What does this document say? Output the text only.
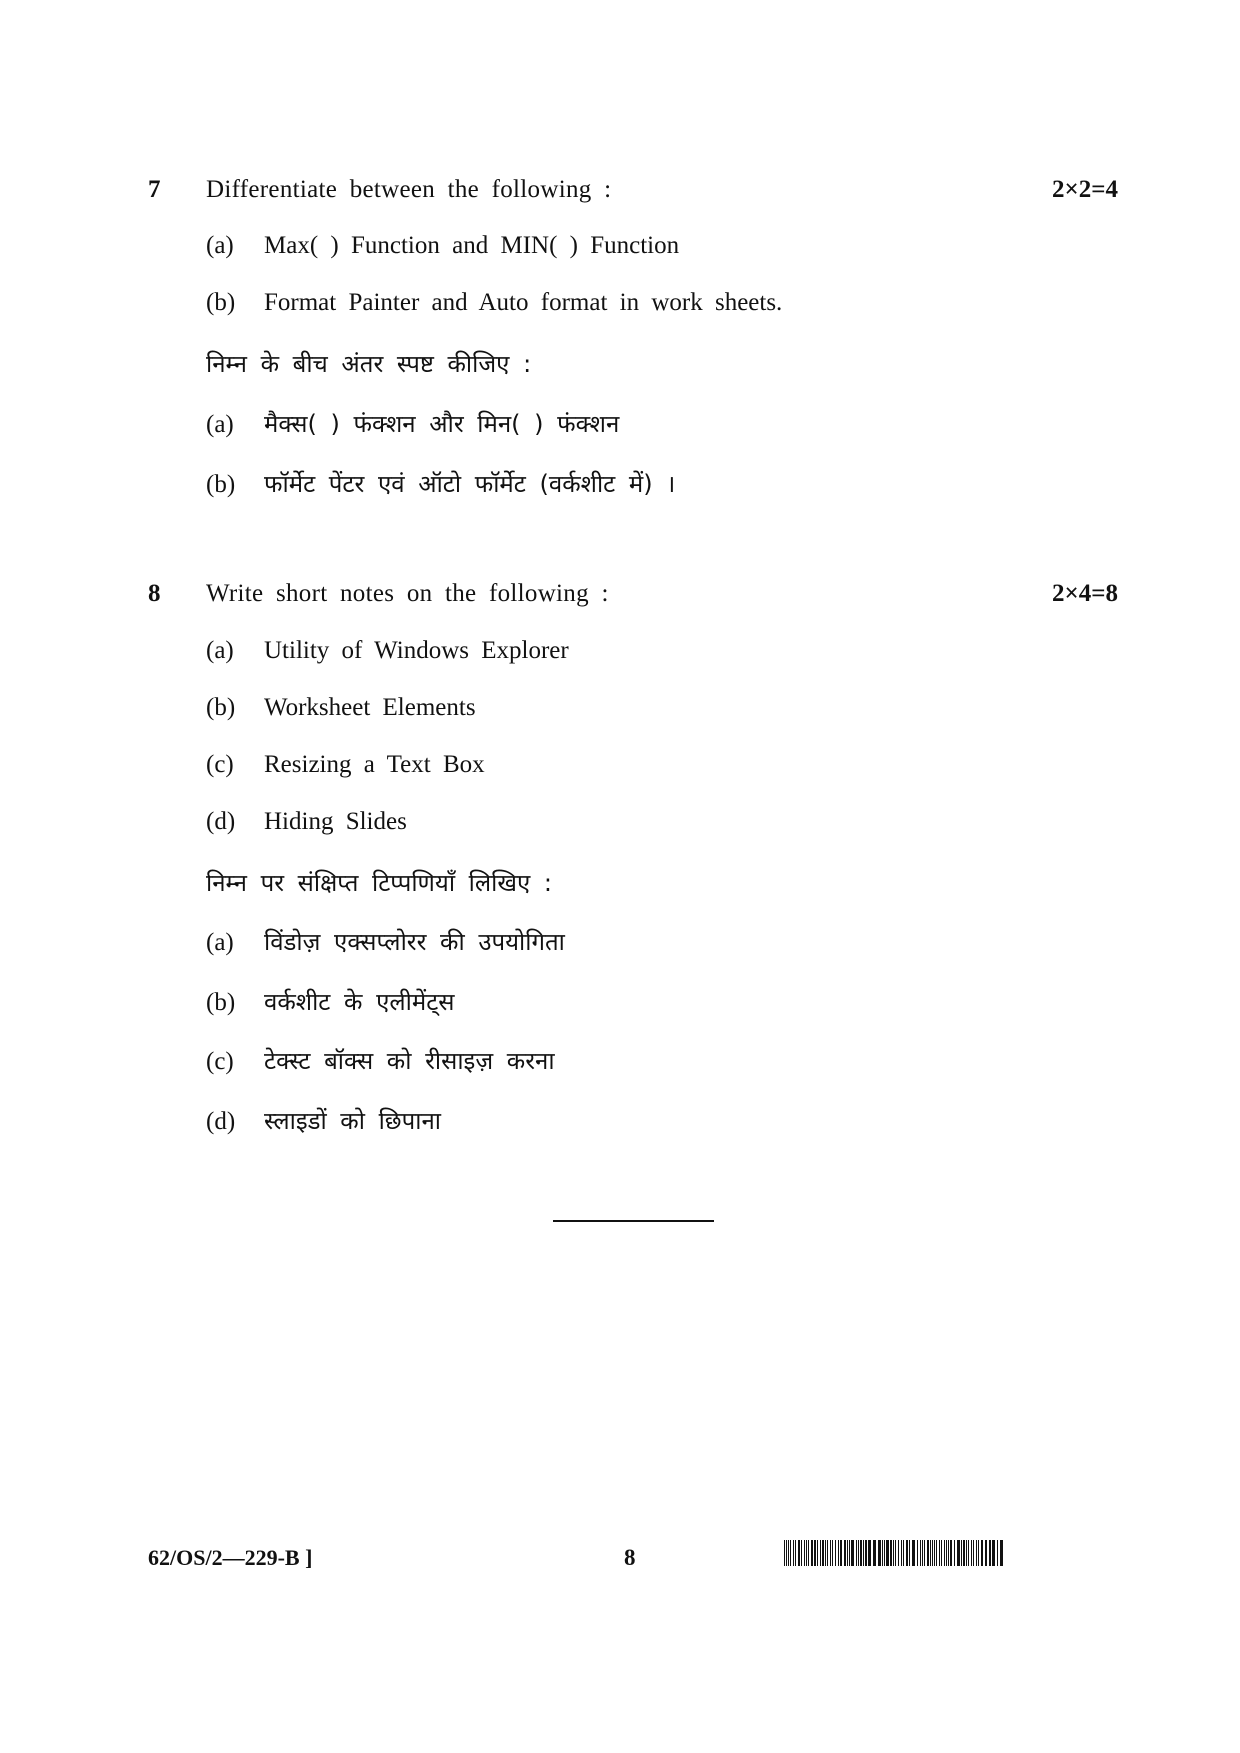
7 Differentiate between the following :	2×2=4
(a) Max( ) Function and MIN( ) Function
(b) Format Painter and Auto format in work sheets.
निम्न के बीच अंतर स्पष्ट कीजिए :
(a) मैक्स( ) फंक्शन और मिन( ) फंक्शन
(b) फॉर्मेट पेंटर एवं ऑटो फॉर्मेट (वर्कशीट में) ।
8 Write short notes on the following :	2×4=8
(a) Utility of Windows Explorer
(b) Worksheet Elements
(c) Resizing a Text Box
(d) Hiding Slides
निम्न पर संक्षिप्त टिप्पणियाँ लिखिए :
(a) विंडोज़ एक्सप्लोरर की उपयोगिता
(b) वर्कशीट के एलीमेंट्स
(c) टेक्स्ट बॉक्स को रीसाइज़ करना
(d) स्लाइडों को छिपाना
62/OS/2—229-B ]	8
